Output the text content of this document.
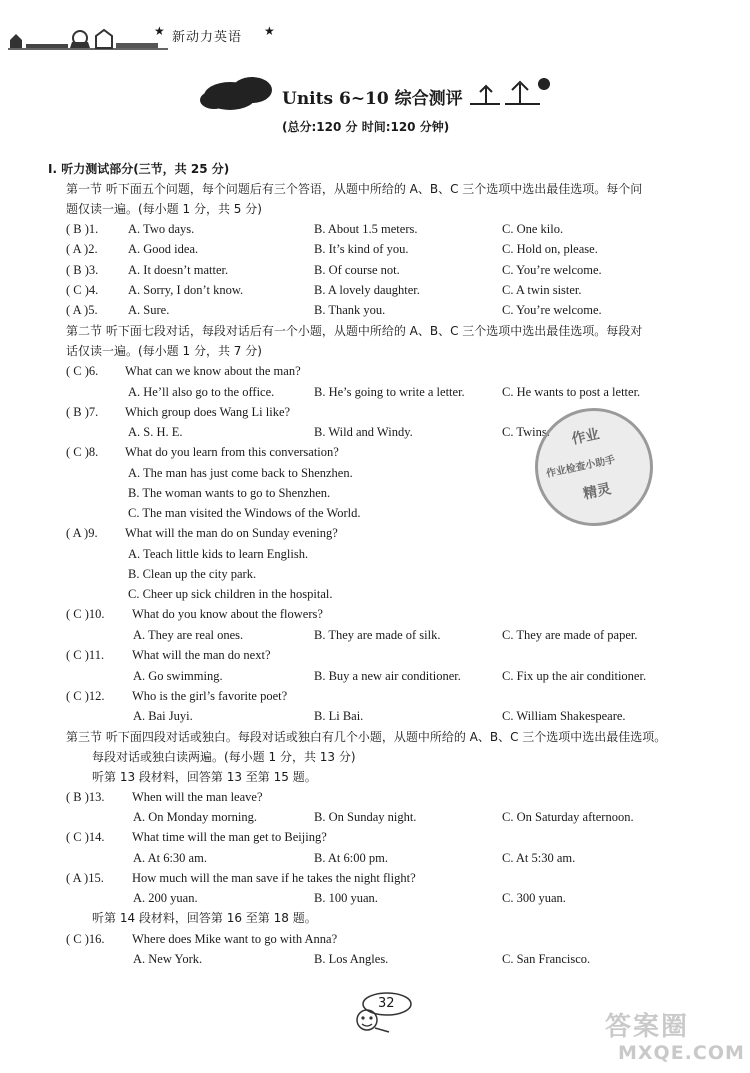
★ 新动力英语 ★
Units 6~10 综合测评
(总分:120 分 时间:120 分钟)
I. 听力测试部分(三节，共 25 分)
第一节 听下面五个问题，每个问题后有三个答语，从题中所给的 A、B、C 三个选项中选出最佳选项。每个问
题仅读一遍。(每小题 1 分，共 5 分)
( B )1. A. Two days.	B. About 1.5 meters.	C. One kilo.
( A )2. A. Good idea.	B. It’s kind of you.	C. Hold on, please.
( B )3. A. It doesn’t matter.	B. Of course not.	C. You’re welcome.
( C )4. A. Sorry, I don’t know.	B. A lovely daughter.	C. A twin sister.
( A )5. A. Sure.	B. Thank you.	C. You’re welcome.
第二节 听下面七段对话，每段对话后有一个小题，从题中所给的 A、B、C 三个选项中选出最佳选项。每段对
话仅读一遍。(每小题 1 分，共 7 分)
( C )6. What can we know about the man?
A. He’ll also go to the office.	B. He’s going to write a letter.	C. He wants to post a letter.
( B )7. Which group does Wang Li like?
A. S. H. E.	B. Wild and Windy.	C. Twins.
( C )8. What do you learn from this conversation?
A. The man has just come back to Shenzhen.
B. The woman wants to go to Shenzhen.
C. The man visited the Windows of the World.
( A )9. What will the man do on Sunday evening?
A. Teach little kids to learn English.
B. Clean up the city park.
C. Cheer up sick children in the hospital.
( C )10. What do you know about the flowers?
A. They are real ones.	B. They are made of silk.	C. They are made of paper.
( C )11. What will the man do next?
A. Go swimming.	B. Buy a new air conditioner.	C. Fix up the air conditioner.
( C )12. Who is the girl’s favorite poet?
A. Bai Juyi.	B. Li Bai.	C. William Shakespeare.
第三节 听下面四段对话或独白。每段对话或独白有几个小题，从题中所给的 A、B、C 三个选项中选出最佳选项。
每段对话或独白读两遍。(每小题 1 分，共 13 分)
听第 13 段材料，回答第 13 至第 15 题。
( B )13. When will the man leave?
A. On Monday morning.	B. On Sunday night.	C. On Saturday afternoon.
( C )14. What time will the man get to Beijing?
A. At 6:30 am.	B. At 6:00 pm.	C. At 5:30 am.
( A )15. How much will the man save if he takes the night flight?
A. 200 yuan.	B. 100 yuan.	C. 300 yuan.
听第 14 段材料，回答第 16 至第 18 题。
( C )16. Where does Mike want to go with Anna?
A. New York.	B. Los Angles.	C. San Francisco.
作业
作业检查小助手
精灵
32
答案圈
MXQE.COM
